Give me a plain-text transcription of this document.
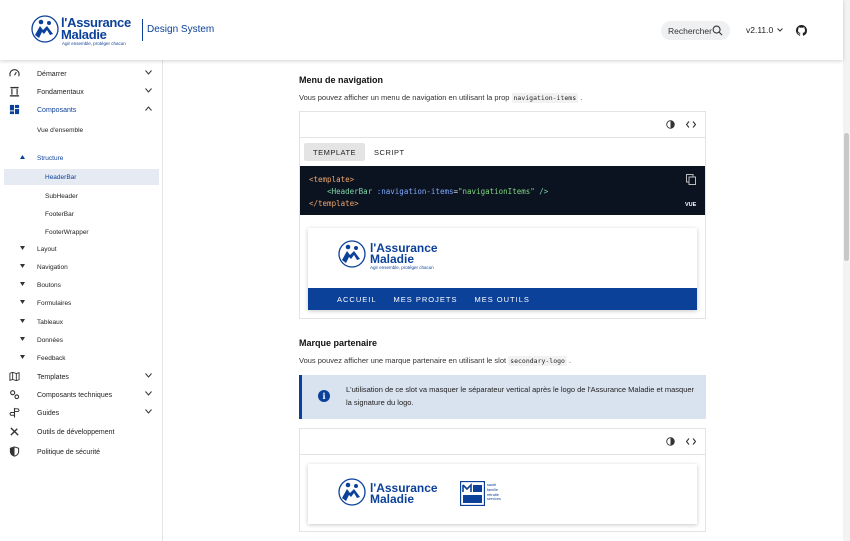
l'Assurance
Maladie
Agir ensemble, protéger chacun
Design System	Rechercher	v2.11.0
Démarrer
Fondamentaux
Composants
Vue d'ensemble
Structure
HeaderBar
SubHeader
FooterBar
FooterWrapper
Layout
Navigation
Boutons
Formulaires
Tableaux
Données
Feedback
Templates
Composants techniques
Guides
Outils de développement
Politique de sécurité
Menu de navigation

Vous pouvez afficher un menu de navigation en utilisant la prop navigation-items .

TEMPLATE	SCRIPT
<template>
<HeaderBar :navigation-items="navigationItems" />
</template>	VUE
l'Assurance
Maladie
Agir ensemble, protéger chacun
ACCUEIL MES PROJETS MES OUTILS
Marque partenaire

Vous pouvez afficher une marque partenaire en utilisant le slot secondary-logo .

i
L'utilisation de ce slot va masquer le séparateur vertical après le logo de l'Assurance Maladie et masquer la signature du logo.
l'Assurance
Maladie
santé
famille
retraite
services
